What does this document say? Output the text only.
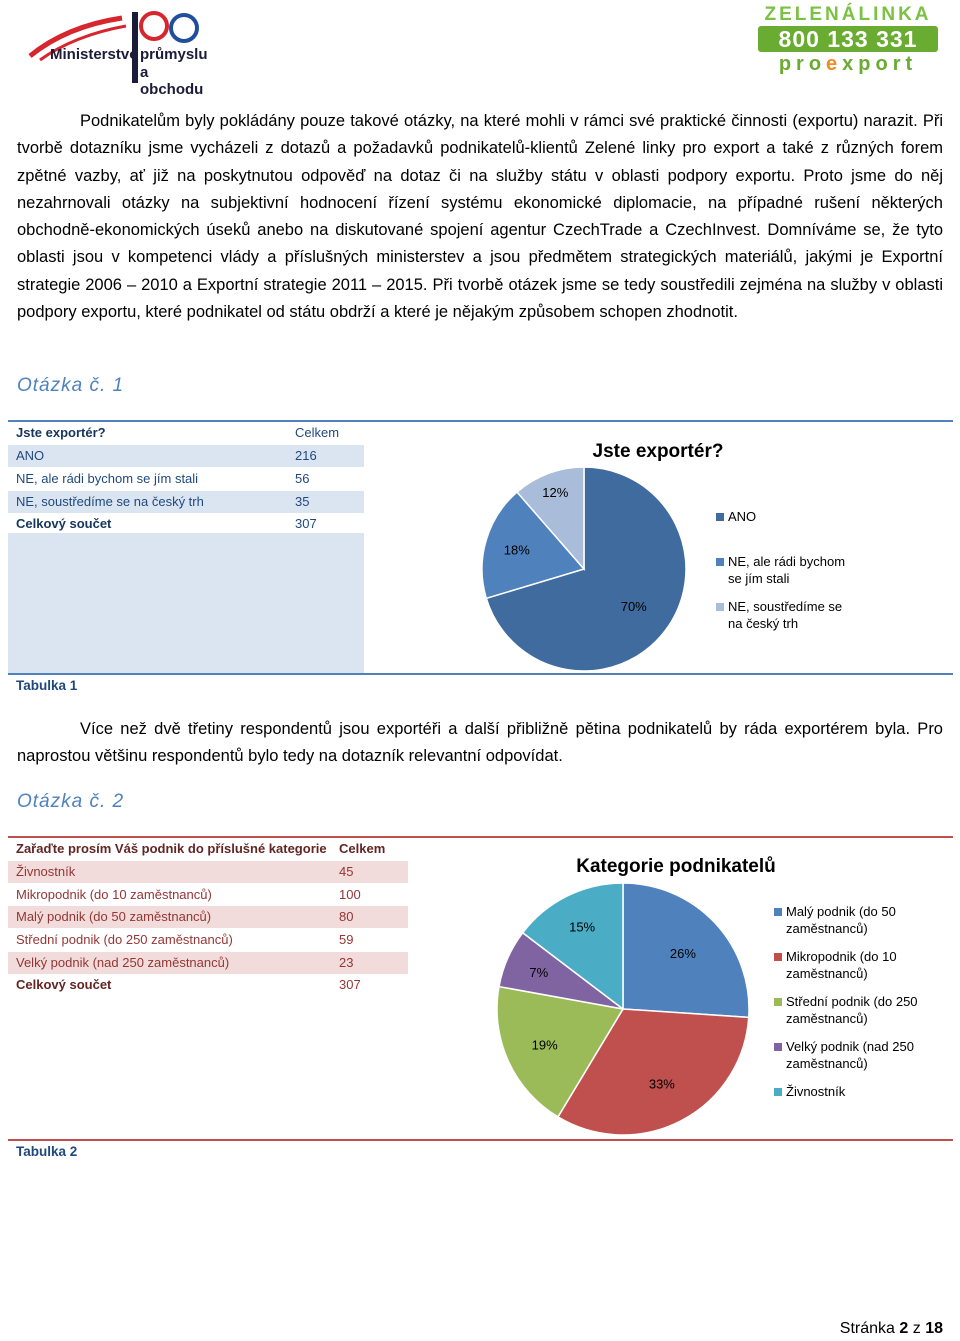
Ministerstvo průmyslu
a obchodu
ZELENÁLINKA
800 133 331
proexport

Podnikatelům byly pokládány pouze takové otázky, na které mohli v rámci své praktické činnosti (exportu) narazit. Při tvorbě dotazníku jsme vycházeli z dotazů a požadavků podnikatelů-klientů Zelené linky pro export a také z různých forem zpětné vazby, ať již na poskytnutou odpověď na dotaz či na služby státu v oblasti podpory exportu. Proto jsme do něj nezahrnovali otázky na subjektivní hodnocení řízení systému ekonomické diplomacie, na případné rušení některých obchodně-ekonomických úseků anebo na diskutované spojení agentur CzechTrade a CzechInvest. Domníváme se, že tyto oblasti jsou v kompetenci vlády a příslušných ministerstev a jsou předmětem strategických materiálů, jakými je Exportní strategie 2006 – 2010 a Exportní strategie 2011 – 2015. Při tvorbě otázek jsme se tedy soustředili zejména na služby v oblasti podpory exportu, které podnikatel od státu obdrží a které je nějakým způsobem schopen zhodnotit.

Otázka č. 1
Jste exportér?	Celkem
ANO	216
NE, ale rádi bychom se jím stali	56
NE, soustředíme se na český trh	35
Celkový součet	307
Jste exportér?
70%
18%
12%
ANO
NE, ale rádi bychom
se jím stali
NE, soustředíme se
na český trh
Tabulka 1

Více než dvě třetiny respondentů jsou exportéři a další přibližně pětina podnikatelů by ráda exportérem byla. Pro naprostou většinu respondentů bylo tedy na dotazník relevantní odpovídat.

Otázka č. 2
Zařaďte prosím Váš podnik do příslušné kategorie Celkem
Živnostník	45
Mikropodnik (do 10 zaměstnanců)	100
Malý podnik (do 50 zaměstnanců)	80
Střední podnik (do 250 zaměstnanců)	59
Velký podnik (nad 250 zaměstnanců)	23
Celkový součet	307
Kategorie podnikatelů
26%
33%
19%
7%
15%
Malý podnik (do 50
zaměstnanců)
Mikropodnik (do 10
zaměstnanců)
Střední podnik (do 250
zaměstnanců)
Velký podnik (nad 250
zaměstnanců)
Živnostník
Tabulka 2
Stránka 2 z 18
